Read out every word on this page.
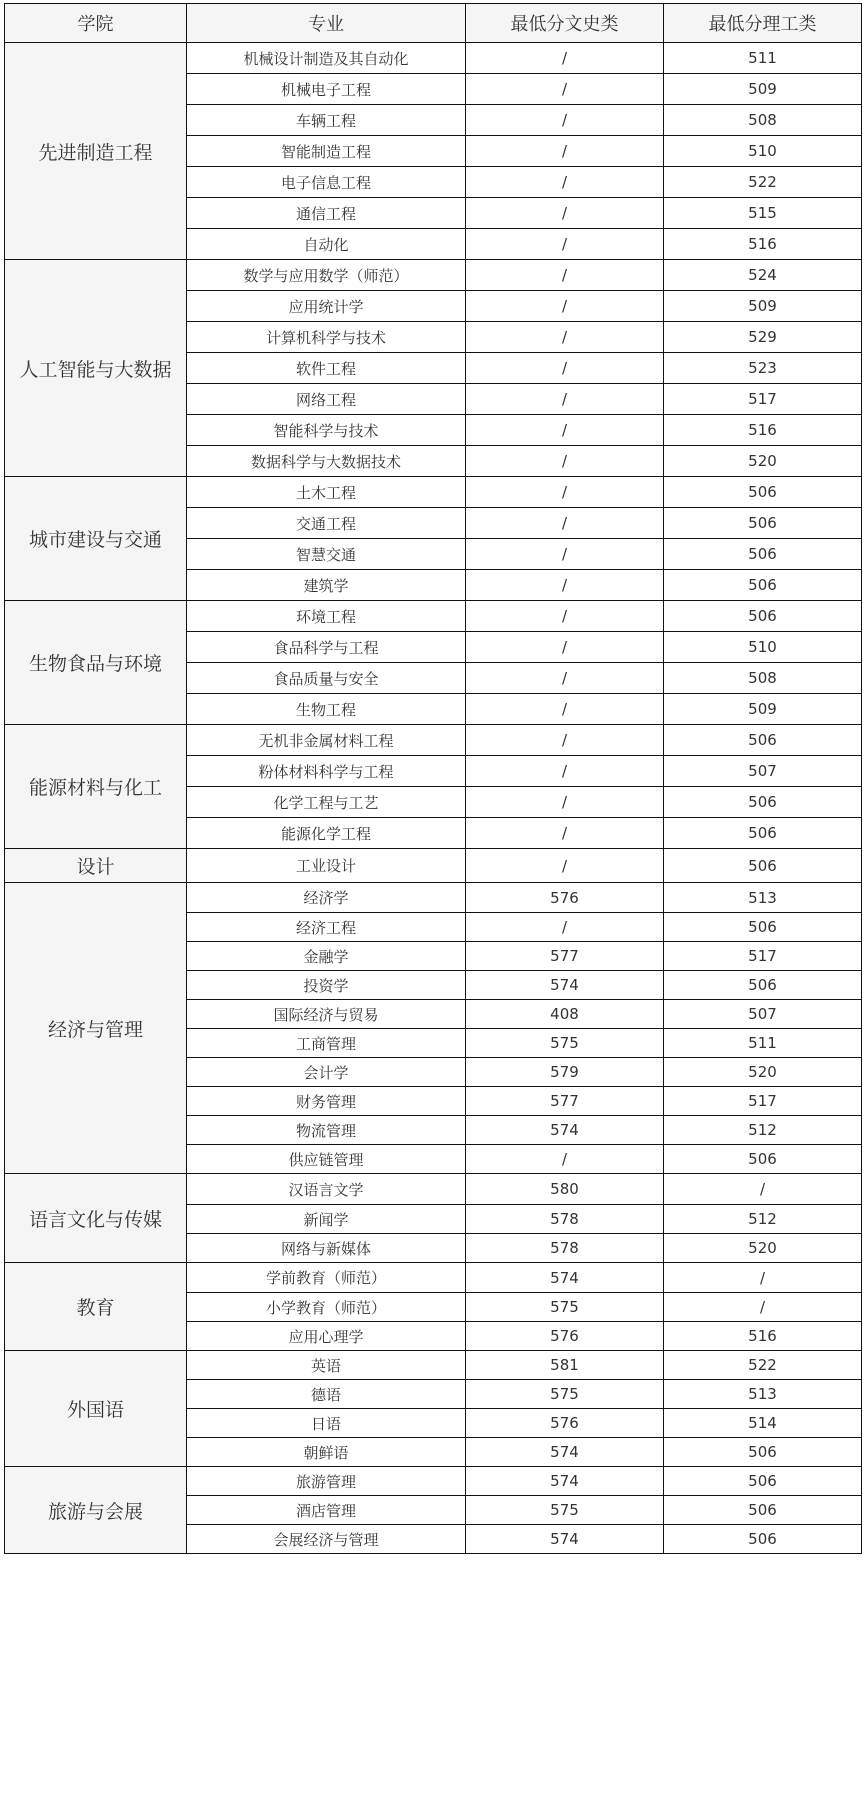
学院	专业	最低分文史类	最低分理工类
先进制造工程	机械设计制造及其自动化	/	511
	机械电子工程	/	509
	车辆工程	/	508
	智能制造工程	/	510
	电子信息工程	/	522
	通信工程	/	515
	自动化	/	516
人工智能与大数据	数学与应用数学（师范）	/	524
	应用统计学	/	509
	计算机科学与技术	/	529
	软件工程	/	523
	网络工程	/	517
	智能科学与技术	/	516
	数据科学与大数据技术	/	520
城市建设与交通	土木工程	/	506
	交通工程	/	506
	智慧交通	/	506
	建筑学	/	506
生物食品与环境	环境工程	/	506
	食品科学与工程	/	510
	食品质量与安全	/	508
	生物工程	/	509
能源材料与化工	无机非金属材料工程	/	506
	粉体材料科学与工程	/	507
	化学工程与工艺	/	506
	能源化学工程	/	506
设计	工业设计	/	506
经济与管理	经济学	576	513
	经济工程	/	506
	金融学	577	517
	投资学	574	506
	国际经济与贸易	408	507
	工商管理	575	511
	会计学	579	520
	财务管理	577	517
	物流管理	574	512
	供应链管理	/	506
语言文化与传媒	汉语言文学	580	/
	新闻学	578	512
	网络与新媒体	578	520
教育	学前教育（师范）	574	/
	小学教育（师范）	575	/
	应用心理学	576	516
外国语	英语	581	522
	德语	575	513
	日语	576	514
	朝鲜语	574	506
旅游与会展	旅游管理	574	506
	酒店管理	575	506
	会展经济与管理	574	506
